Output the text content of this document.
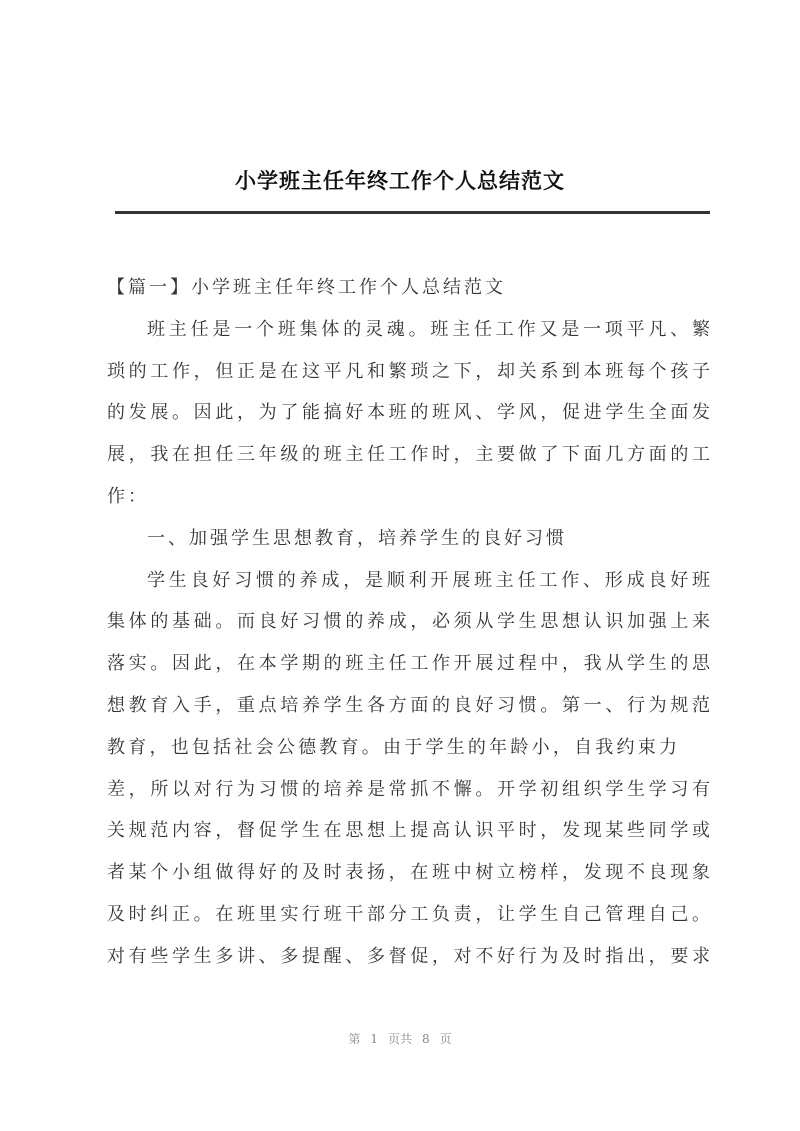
小学班主任年终工作个人总结范文
【篇一】小学班主任年终工作个人总结范文
班主任是一个班集体的灵魂。班主任工作又是一项平凡、繁
琐的工作，但正是在这平凡和繁琐之下，却关系到本班每个孩子
的发展。因此，为了能搞好本班的班风、学风，促进学生全面发
展，我在担任三年级的班主任工作时，主要做了下面几方面的工
作：
一、加强学生思想教育，培养学生的良好习惯
学生良好习惯的养成，是顺利开展班主任工作、形成良好班
集体的基础。而良好习惯的养成，必须从学生思想认识加强上来
落实。因此，在本学期的班主任工作开展过程中，我从学生的思
想教育入手，重点培养学生各方面的良好习惯。第一、行为规范
教育，也包括社会公德教育。由于学生的年龄小，自我约束力
差，所以对行为习惯的培养是常抓不懈。开学初组织学生学习有
关规范内容，督促学生在思想上提高认识平时，发现某些同学或
者某个小组做得好的及时表扬，在班中树立榜样，发现不良现象
及时纠正。在班里实行班干部分工负责，让学生自己管理自己。
对有些学生多讲、多提醒、多督促，对不好行为及时指出，要求
第 1 页共 8 页
